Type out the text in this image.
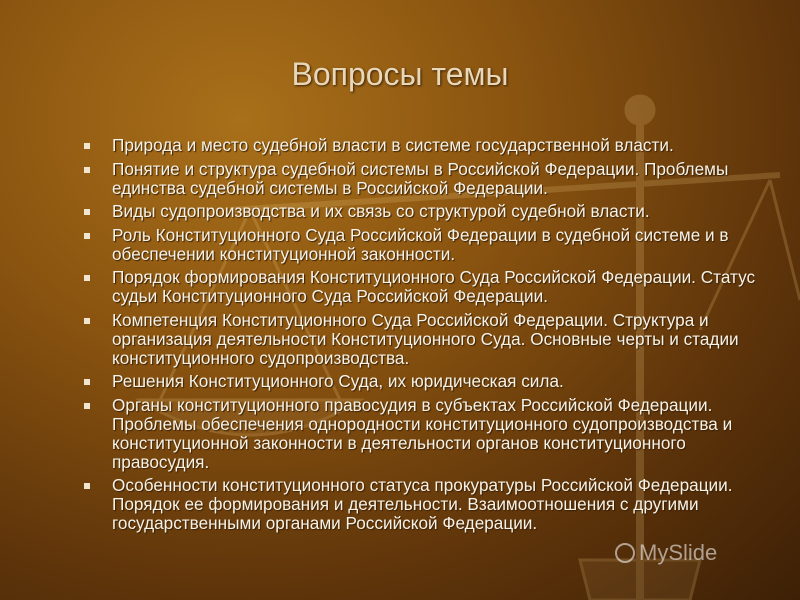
Вопросы темы
Природа и место судебной власти в системе государственной власти.
Понятие и структура судебной системы в Российской Федерации. Проблемы единства судебной системы в Российской Федерации.
Виды судопроизводства и их связь со структурой судебной власти.
Роль Конституционного Суда Российской Федерации в судебной системе и в обеспечении конституционной законности.
Порядок формирования Конституционного Суда Российской Федерации. Статус судьи Конституционного Суда Российской Федерации.
Компетенция Конституционного Суда Российской Федерации. Структура и организация деятельности Конституционного Суда. Основные черты и стадии конституционного судопроизводства.
Решения Конституционного Суда, их юридическая сила.
Органы конституционного правосудия в субъектах Российской Федерации. Проблемы обеспечения однородности конституционного судопроизводства и конституционной законности в деятельности органов конституционного правосудия.
Особенности конституционного статуса прокуратуры Российской Федерации. Порядок ее формирования и деятельности. Взаимоотношения с другими государственными органами Российской Федерации.
MySlide
